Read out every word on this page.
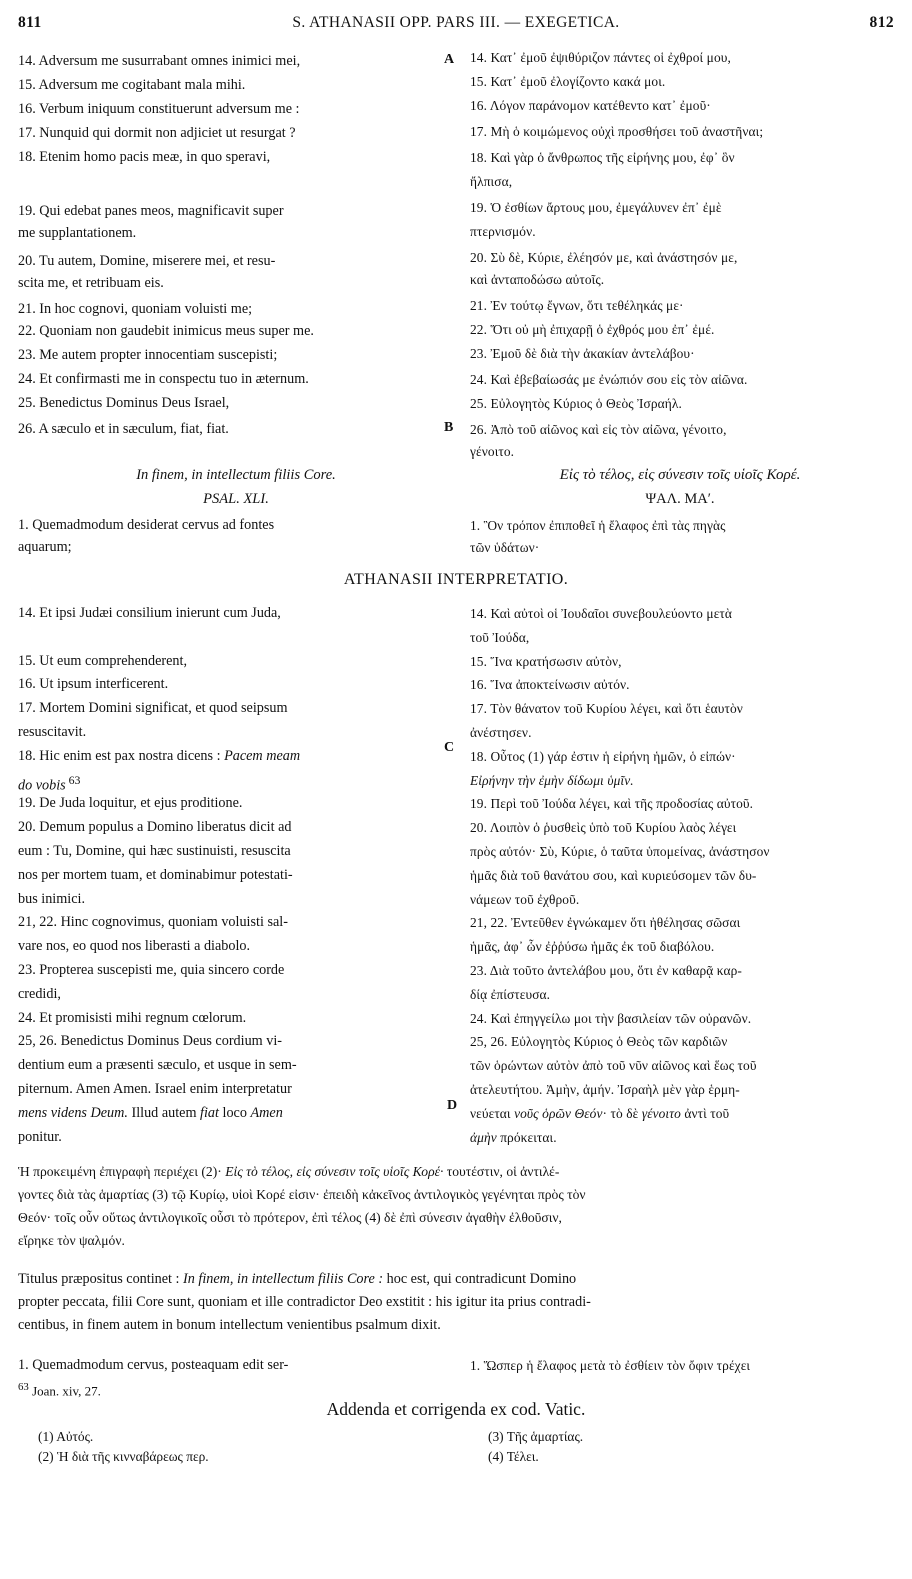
811	S. ATHANASII OPP. PARS III. — EXEGETICA.	812
14. Adversum me susurrabant omnes inimici mei,
15. Adversum me cogitabant mala mihi.
16. Verbum iniquum constituerunt adversum me :
17. Nunquid qui dormit non adjiciet ut resurgat ?
18. Etenim homo pacis meæ, in quo speravi,
19. Qui edebat panes meos, magnificavit super
me supplantationem.
20. Tu autem, Domine, miserere mei, et resu-
scita me, et retribuam eis.
21. In hoc cognovi, quoniam voluisti me;
22. Quoniam non gaudebit inimicus meus super me.
23. Me autem propter innocentiam suscepisti;
24. Et confirmasti me in conspectu tuo in æternum.
25. Benedictus Dominus Deus Israel,
26. A sæculo et in sæculum, fiat, fiat.
A
B
14. Κατ᾽ ἐμοῦ ἐψιθύριζον πάντες οἱ ἐχθροί μου,
15. Κατ᾽ ἐμοῦ ἐλογίζοντο κακά μοι.
16. Λόγον παράνομον κατέθεντο κατ᾽ ἐμοῦ·
17. Μὴ ὁ κοιμώμενος οὐχὶ προσθήσει τοῦ ἀναστῆναι;
18. Καὶ γὰρ ὁ ἄνθρωπος τῆς εἰρήνης μου, ἐφ᾽ ὃν
ἤλπισα,
19. Ὁ ἐσθίων ἄρτους μου, ἐμεγάλυνεν ἐπ᾽ ἐμὲ
πτερνισμόν.
20. Σὺ δὲ, Κύριε, ἐλέησόν με, καὶ ἀνάστησόν με,
καὶ ἀνταποδώσω αὐτοῖς.
21. Ἐν τούτῳ ἔγνων, ὅτι τεθέληκάς με·
22. Ὅτι οὐ μὴ ἐπιχαρῇ ὁ ἐχθρός μου ἐπ᾽ ἐμέ.
23. Ἐμοῦ δὲ διὰ τὴν ἀκακίαν ἀντελάβου·
24. Καὶ ἐβεβαίωσάς με ἐνώπιόν σου εἰς τὸν αἰῶνα.
25. Εὐλογητὸς Κύριος ὁ Θεὸς Ἰσραήλ.
26. Ἀπὸ τοῦ αἰῶνος καὶ εἰς τὸν αἰῶνα, γένοιτο,
γένοιτο.
In finem, in intellectum filiis Core.
PSAL. XLI.
1. Quemadmodum desiderat cervus ad fontes
aquarum;
Εἰς τὸ τέλος, εἰς σύνεσιν τοῖς υἱοῖς Κορέ.
ΨΑΛ. ΜΑʹ.
1. Ὃν τρόπον ἐπιποθεῖ ἡ ἔλαφος ἐπὶ τὰς πηγὰς
τῶν ὑδάτων·
ATHANASII INTERPRETATIO.
14. Et ipsi Judæi consilium inierunt cum Juda,
15. Ut eum comprehenderent,
16. Ut ipsum interficerent.
17. Mortem Domini significat, et quod seipsum
resuscitavit.
18. Hic enim est pax nostra dicens : Pacem meam
do vobis $^{63}$
19. De Juda loquitur, et ejus proditione.
20. Demum populus a Domino liberatus dicit ad
eum : Tu, Domine, qui hæc sustinuisti, resuscita
nos per mortem tuam, et dominabimur potestati-
bus inimici.
21, 22. Hinc cognovimus, quoniam voluisti sal-
vare nos, eo quod nos liberasti a diabolo.
23. Propterea suscepisti me, quia sincero corde
credidi,
24. Et promisisti mihi regnum cœlorum.
25, 26. Benedictus Dominus Deus cordium vi-
dentium eum a præsenti sæculo, et usque in sem-
piternum. Amen Amen. Israel enim interpretatur
mens videns Deum. Illud autem fiat loco Amen
ponitur.
14. Καὶ αὐτοὶ οἱ Ἰουδαῖοι συνεβουλεύοντο μετὰ
τοῦ Ἰούδα,
15. Ἵνα κρατήσωσιν αὐτὸν,
16. Ἵνα ἀποκτείνωσιν αὐτόν.
17. Τὸν θάνατον τοῦ Κυρίου λέγει, καὶ ὅτι ἑαυτὸν
ἀνέστησεν.
18. Οὗτος (1) γάρ ἐστιν ἡ εἰρήνη ἡμῶν, ὁ εἰπών·
Εἰρήνην τὴν ἐμὴν δίδωμι ὑμῖν.
19. Περὶ τοῦ Ἰούδα λέγει, καὶ τῆς προδοσίας αὐτοῦ.
20. Λοιπὸν ὁ ῥυσθεὶς ὑπὸ τοῦ Κυρίου λαὸς λέγει
πρὸς αὐτόν· Σὺ, Κύριε, ὁ ταῦτα ὑπομείνας, ἀνάστησον
ἡμᾶς διὰ τοῦ θανάτου σου, καὶ κυριεύσομεν τῶν δυ-
νάμεων τοῦ ἐχθροῦ.
21, 22. Ἐντεῦθεν ἐγνώκαμεν ὅτι ἠθέλησας σῶσαι
ἡμᾶς, ἀφ᾽ ὧν ἐῤῥύσω ἡμᾶς ἐκ τοῦ διαβόλου.
23. Διὰ τοῦτο ἀντελάβου μου, ὅτι ἐν καθαρᾷ καρ-
δίᾳ ἐπίστευσα.
24. Καὶ ἐπηγγείλω μοι τὴν βασιλείαν τῶν οὐρανῶν.
25, 26. Εὐλογητὸς Κύριος ὁ Θεὸς τῶν καρδιῶν
τῶν ὁρώντων αὐτὸν ἀπὸ τοῦ νῦν αἰῶνος καὶ ἕως τοῦ
ἀτελευτήτου. Ἀμὴν, ἀμήν. Ἰσραὴλ μὲν γὰρ ἑρμη-
νεύεται νοῦς ὁρῶν Θεόν· τὸ δὲ γένοιτο ἀντὶ τοῦ
ἀμὴν πρόκειται.
C
D
Ἡ προκειμένη ἐπιγραφὴ περιέχει (2)· Εἰς τὸ τέλος, εἰς σύνεσιν τοῖς υἱοῖς Κορέ· τουτέστιν, οἱ ἀντιλέ-
γοντες διὰ τὰς ἁμαρτίας (3) τῷ Κυρίῳ, υἱοὶ Κορέ εἰσιν· ἐπειδὴ κἀκεῖνος ἀντιλογικὸς γεγένηται πρὸς τὸν
Θεόν· τοῖς οὖν οὕτως ἀντιλογικοῖς οὖσι τὸ πρότερον, ἐπὶ τέλος (4) δὲ ἐπὶ σύνεσιν ἀγαθὴν ἐλθοῦσιν,
εἴρηκε τὸν ψαλμόν.
Titulus præpositus continet : In finem, in intellectum filiis Core : hoc est, qui contradicunt Domino
propter peccata, filii Core sunt, quoniam et ille contradictor Deo exstitit : his igitur ita prius contradi-
centibus, in finem autem in bonum intellectum venientibus psalmum dixit.
1. Quemadmodum cervus, posteaquam edit ser-
$^{63}$ Joan. xiv, 27.
1. Ὥσπερ ἡ ἔλαφος μετὰ τὸ ἐσθίειν τὸν ὄφιν τρέχει
Addenda et corrigenda ex cod. Vatic.
(1) Αὐτός.
(2) Ἡ διὰ τῆς κινναβάρεως περ.
(3) Τῆς ἁμαρτίας.
(4) Τέλει.
